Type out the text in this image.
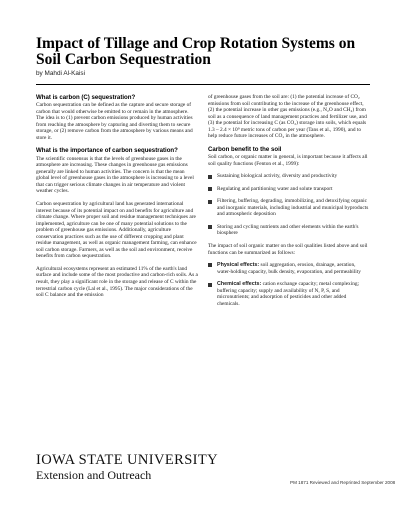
Impact of Tillage and Crop Rotation Systems on Soil Carbon Sequestration
by Mahdi Al-Kaisi
What is carbon (C) sequestration?

Carbon sequestration can be defined as the capture and secure storage of carbon that would otherwise be emitted to or remain in the atmosphere. The idea is to (1) prevent carbon emissions produced by human activities from reaching the atmosphere by capturing and diverting them to secure storage, or (2) remove carbon from the atmosphere by various means and store it.

What is the importance of carbon sequestration?

The scientific consensus is that the levels of greenhouse gases in the atmosphere are increasing. These changes in greenhouse gas emissions generally are linked to human activities. The concern is that the mean global level of greenhouse gases in the atmosphere is increasing to a level that can trigger serious climate changes in air temperature and violent weather cycles.

Carbon sequestration by agricultural land has generated international interest because of its potential impact on and benefits for agriculture and climate change. Where proper soil and residue management techniques are implemented, agriculture can be one of many potential solutions to the problem of greenhouse gas emissions. Additionally, agriculture conservation practices such as the use of different cropping and plant residue management, as well as organic management farming, can enhance soil carbon storage. Farmers, as well as the soil and environment, receive benefits from carbon sequestration.

Agricultural ecosystems represent an estimated 11% of the earth's land surface and include some of the most productive and carbon-rich soils. As a result, they play a significant role in the storage and release of C within the terrestrial carbon cycle (Lal et al., 1995). The major considerations of the soil C balance and the emission

of greenhouse gases from the soil are: (1) the potential increase of CO₂ emissions from soil contributing to the increase of the greenhouse effect, (2) the potential increase in other gas emissions (e.g., N₂O and CH₄) from soil as a consequence of land management practices and fertilizer use, and (3) the potential for increasing C (as CO₂) storage into soils, which equals 1.3 – 2.4 × 10⁹ metric tons of carbon per year (Tans et al., 1990), and to help reduce future increases of CO₂ in the atmosphere.

Carbon benefit to the soil

Soil carbon, or organic matter in general, is important because it affects all soil quality functions (Fenton et al., 1999):

Sustaining biological activity, diversity and productivity
Regulating and partitioning water and solute transport
Filtering, buffering, degrading, immobilizing, and detoxifying organic and inorganic materials, including industrial and municipal byproducts and atmospheric deposition
Storing and cycling nutrients and other elements within the earth's biosphere

The impact of soil organic matter on the soil qualities listed above and soil functions can be summarized as follows:

Physical effects: soil aggregation, erosion, drainage, aeration, water-holding capacity, bulk density, evaporation, and permeability
Chemical effects: cation exchange capacity; metal complexing; buffering capacity; supply and availability of N, P, S, and micronutrients; and adsorption of pesticides and other added chemicals.
IOWA STATE UNIVERSITY
Extension and Outreach
PM 1871 Reviewed and Reprinted September 2008
